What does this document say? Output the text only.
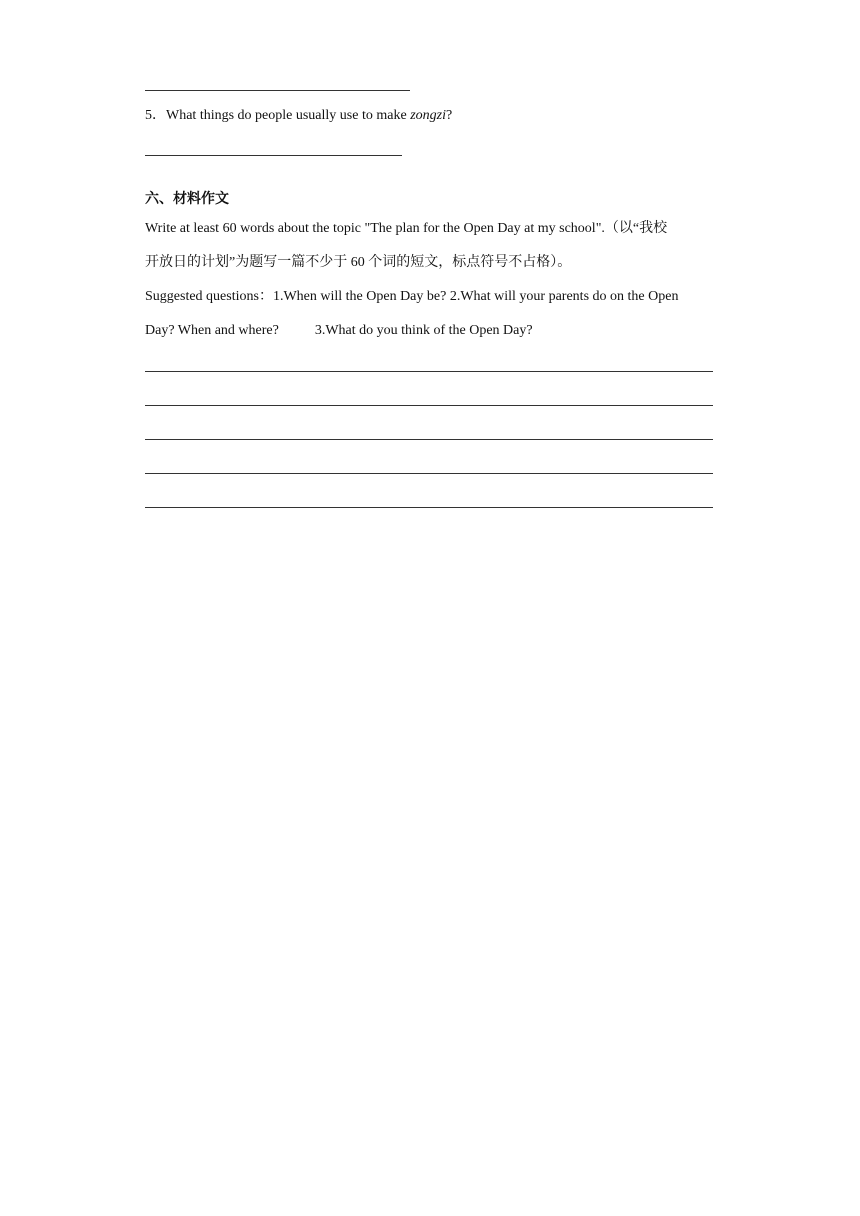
5．What things do people usually use to make zongzi?
六、材料作文
Write at least 60 words about the topic "The plan for the Open Day at my school".（以“我校
开放日的计划”为题写一篇不少于 60 个词的短文，标点符号不占格）。
Suggested questions：1.When will the Open Day be? 2.What will your parents do on the Open
Day? When and where?	3.What do you think of the Open Day?
